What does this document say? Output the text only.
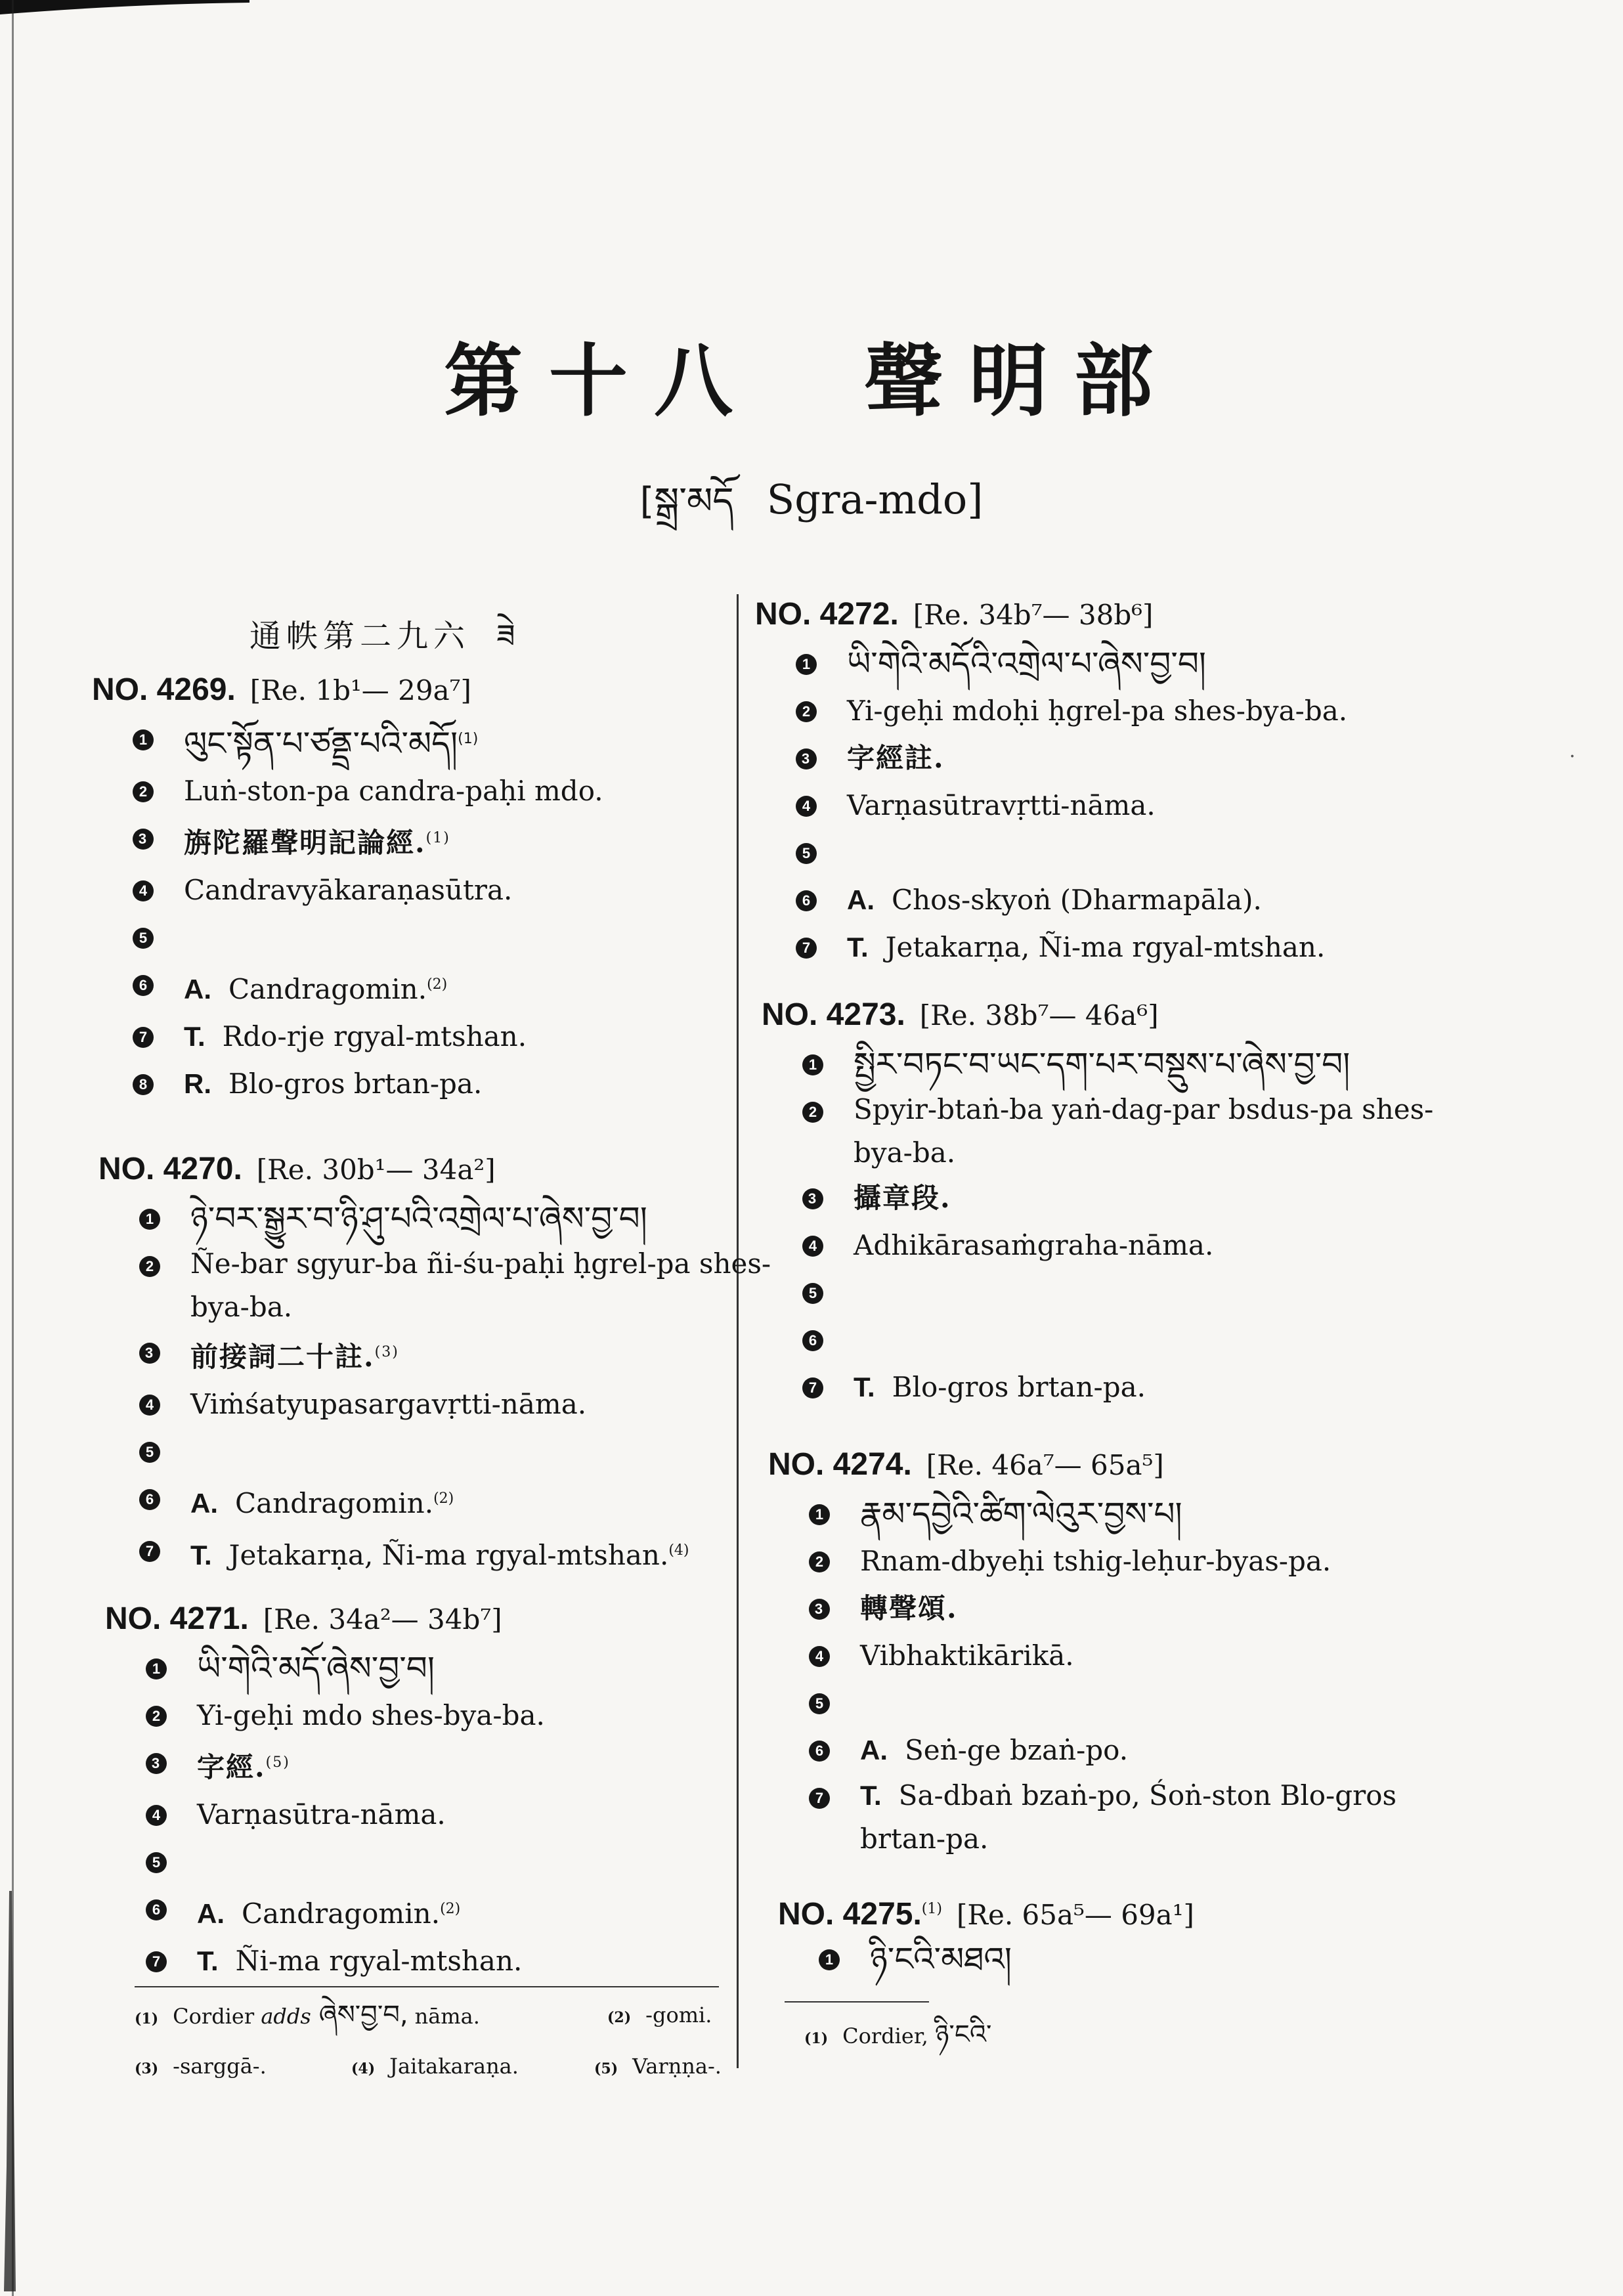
·
第十八　聲明部
[སྒྲ་མདོ Sgra-mdo]
通帙第二九六 ཟེ
NO. 4269. [Re. 1b¹— 29a⁷]
1 ལུང་སྟོན་པ་ཙནྡྲ་པའི་མདོ།$^{(1)}$
2 Luṅ-ston-pa candra-paḥi mdo.
3 旃陀羅聲明記論經.$^{(1)}$
4 Candravyākaraṇasūtra.
5
6 A. Candragomin.$^{(2)}$
7 T. Rdo-rje rgyal-mtshan.
8 R. Blo-gros brtan-pa.
NO. 4270. [Re. 30b¹— 34a²]
1 ཉེ་བར་སྒྱུར་བ་ཉི་ཤུ་པའི་འགྲེལ་པ་ཞེས་བྱ་བ།
2 Ñe-bar sgyur-ba ñi-śu-paḥi ḥgrel-pa shes-
bya-ba.
3 前接詞二十註.$^{(3)}$
4 Viṁśatyupasargavṛtti-nāma.
5
6 A. Candragomin.$^{(2)}$
7 T. Jetakarṇa, Ñi-ma rgyal-mtshan.$^{(4)}$
NO. 4271. [Re. 34a²— 34b⁷]
1 ཡི་གེའི་མདོ་ཞེས་བྱ་བ།
2 Yi-geḥi mdo shes-bya-ba.
3 字經.$^{(5)}$
4 Varṇasūtra-nāma.
5
6 A. Candragomin.$^{(2)}$
7 T. Ñi-ma rgyal-mtshan.
(1) Cordier adds ཞེས་བྱ་བ, nāma.	(2) -gomi.
(3) -sarggā-.	(4) Jaitakaraṇa.	(5) Varṇṇa-.
NO. 4272. [Re. 34b⁷— 38b⁶]
1 ཡི་གེའི་མདོའི་འགྲེལ་པ་ཞེས་བྱ་བ།
2 Yi-geḥi mdoḥi ḥgrel-pa shes-bya-ba.
3 字經註.
4 Varṇasūtravṛtti-nāma.
5
6 A. Chos-skyoṅ (Dharmapāla).
7 T. Jetakarṇa, Ñi-ma rgyal-mtshan.
NO. 4273. [Re. 38b⁷— 46a⁶]
1 སྤྱིར་བཏང་བ་ཡང་དག་པར་བསྡུས་པ་ཞེས་བྱ་བ།
2 Spyir-btaṅ-ba yaṅ-dag-par bsdus-pa shes-
bya-ba.
3 攝章段.
4 Adhikārasaṁgraha-nāma.
5
6
7 T. Blo-gros brtan-pa.
NO. 4274. [Re. 46a⁷— 65a⁵]
1 རྣམ་དབྱེའི་ཚིག་ལེའུར་བྱས་པ།
2 Rnam-dbyeḥi tshig-leḥur-byas-pa.
3 轉聲頌.
4 Vibhaktikārikā.
5
6 A. Seṅ-ge bzaṅ-po.
7 T. Sa-dbaṅ bzaṅ-po, Śoṅ-ston Blo-gros
brtan-pa.
NO. 4275.$^{(1)}$ [Re. 65a⁵— 69a¹]
1 ཉི་ངའི་མཐའ།
(1) Cordier, ཉི་ངའི་
